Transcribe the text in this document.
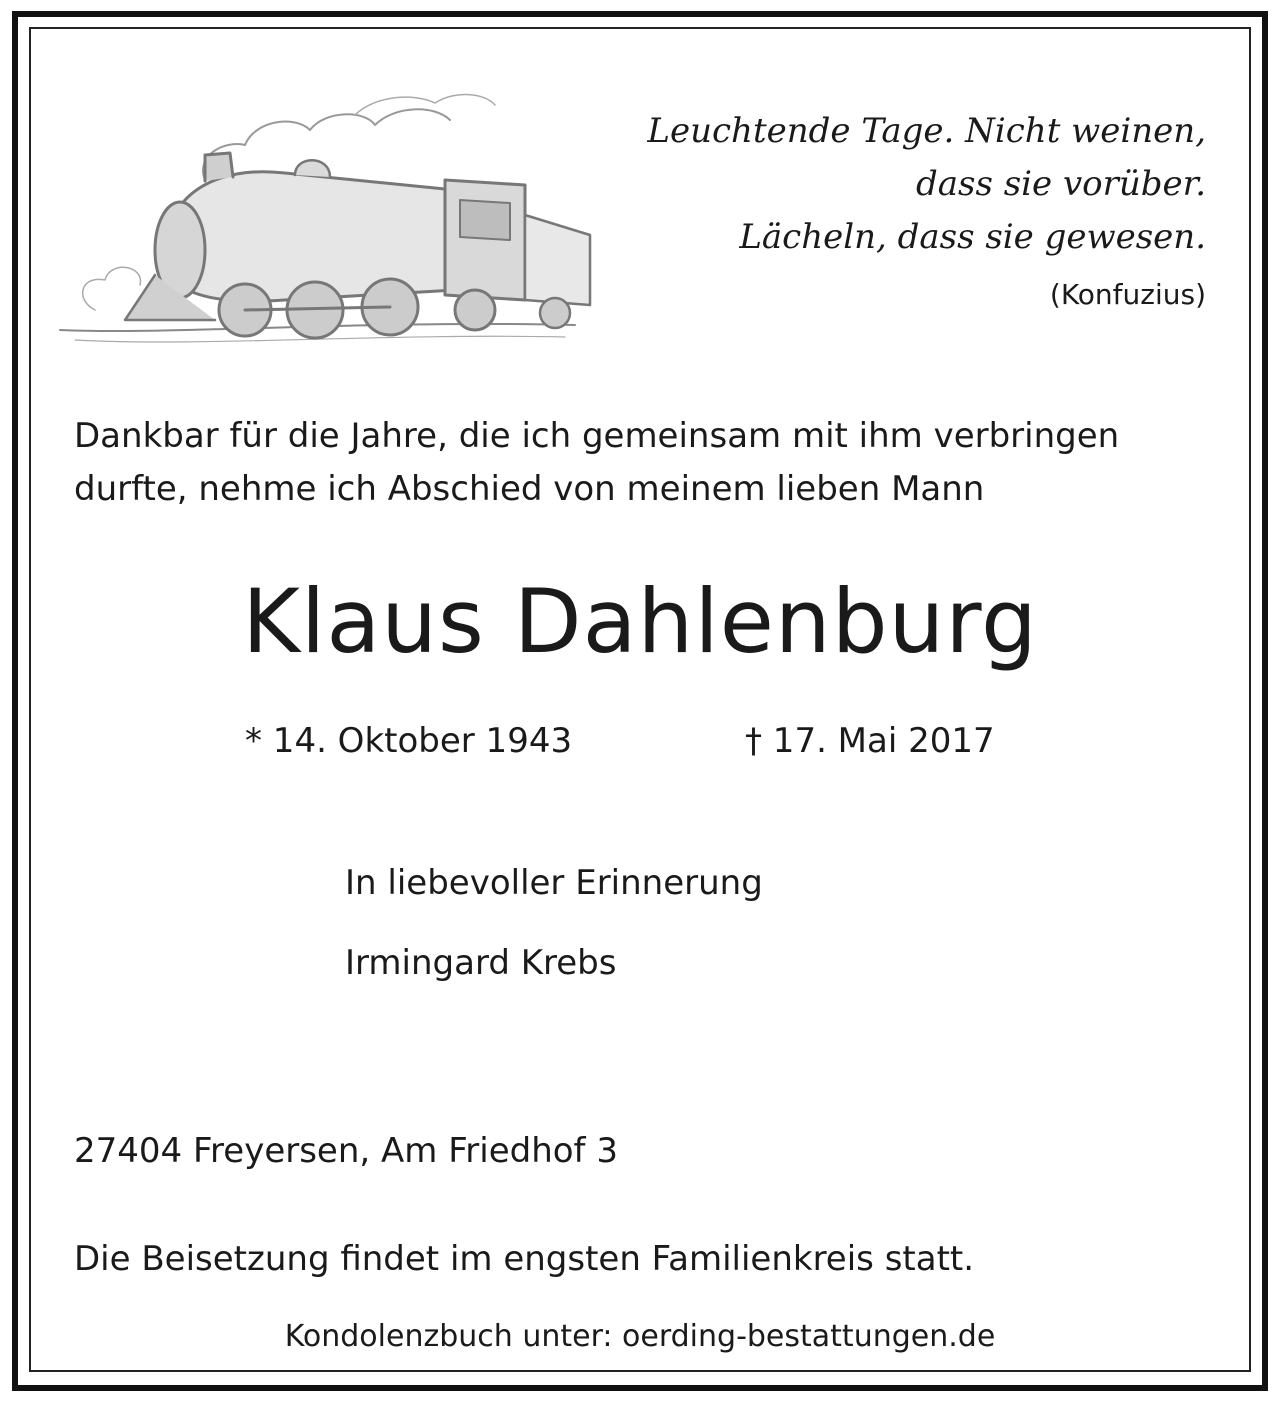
Leuchtende Tage. Nicht weinen,
dass sie vorüber.
Lächeln, dass sie gewesen.
(Konfuzius)
Dankbar für die Jahre, die ich gemeinsam mit ihm verbringen
durfte, nehme ich Abschied von meinem lieben Mann
Klaus Dahlenburg
* 14. Oktober 1943	† 17. Mai 2017
In liebevoller Erinnerung
Irmingard Krebs
27404 Freyersen, Am Friedhof 3
Die Beisetzung findet im engsten Familienkreis statt.
Kondolenzbuch unter: oerding-bestattungen.de
